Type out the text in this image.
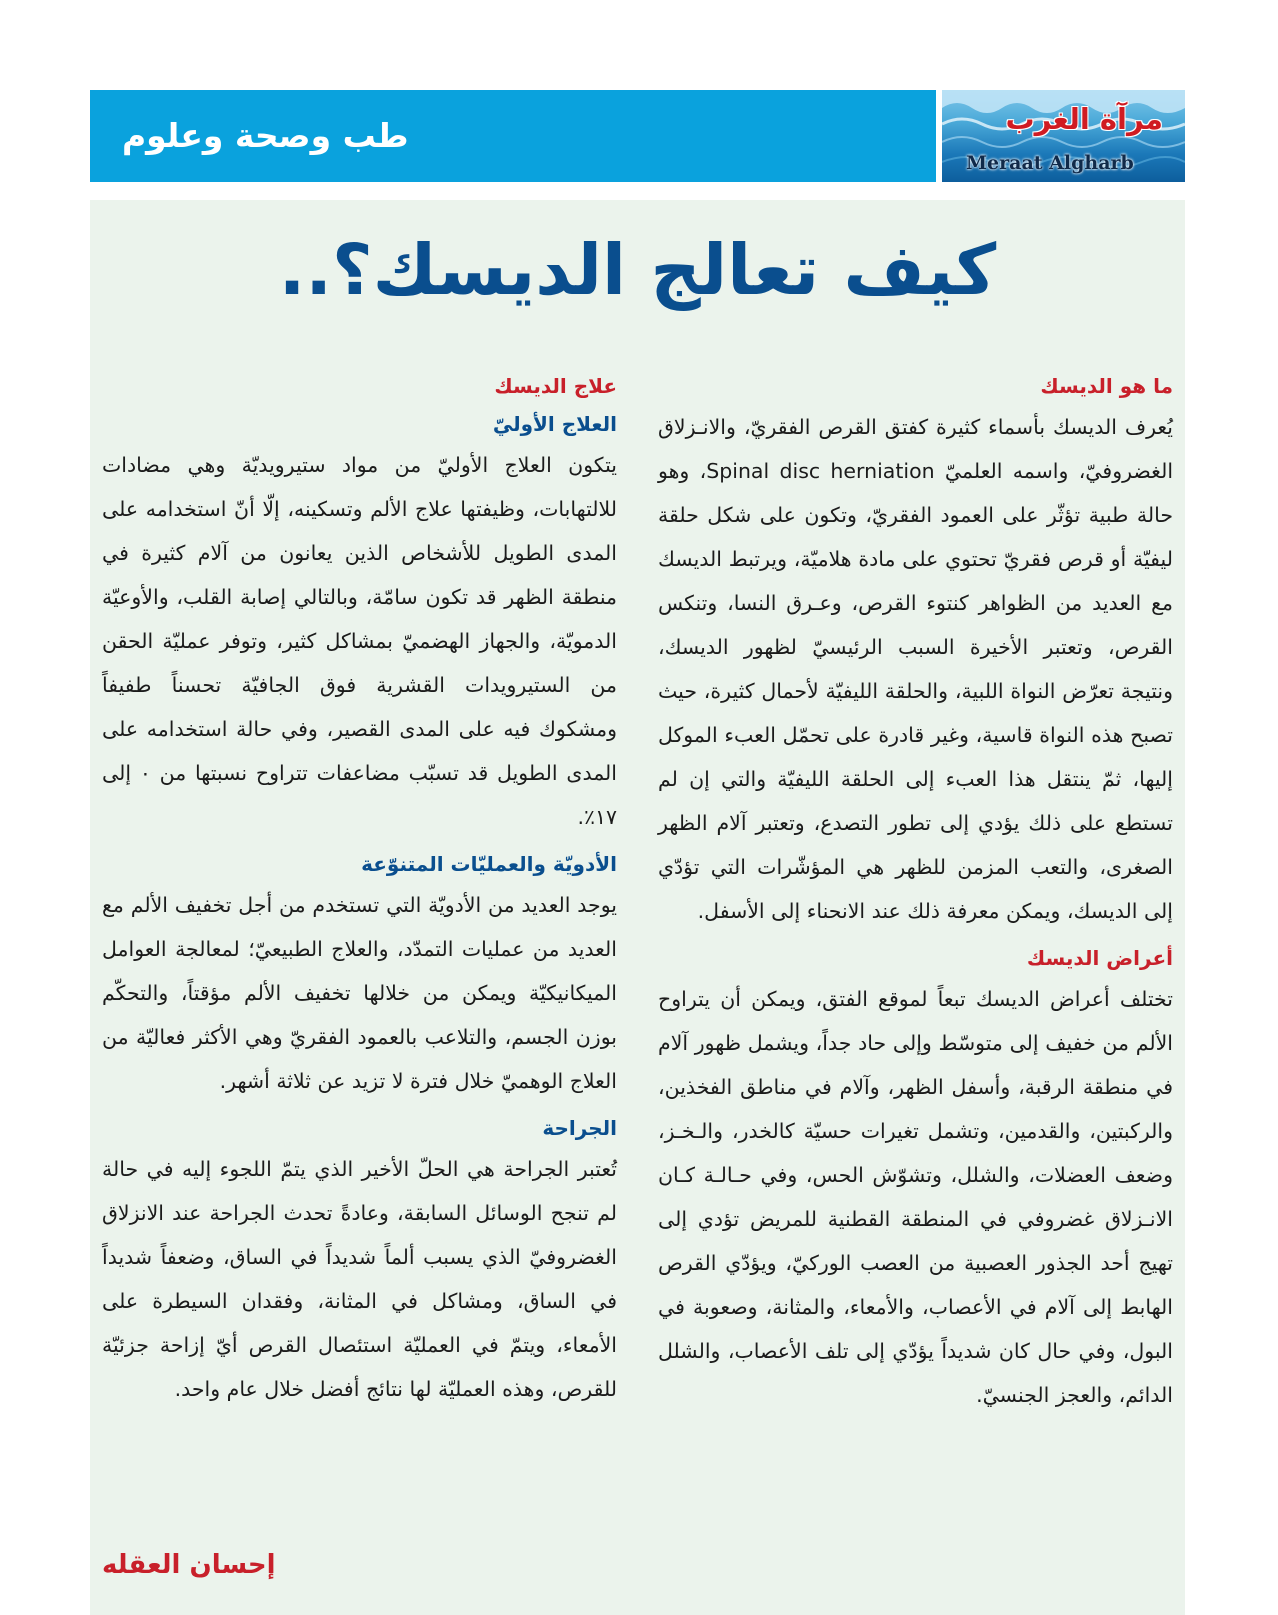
طب وصحة وعلوم	مرآة الغرب
Meraat Algharb
كيف تعالج الديسك؟..

ما هو الديسك

يُعرف الديسك بأسماء كثيرة كفتق القرص الفقريّ، والانـزلاق الغضروفيّ، واسمه العلميّ Spinal disc herniation، وهو حالة طبية تؤثّر على العمود الفقريّ، وتكون على شكل حلقة ليفيّة أو قرص فقريّ تحتوي على مادة هلاميّة، ويرتبط الديسك مع العديد من الظواهر كنتوء القرص، وعـرق النسا، وتنكس القرص، وتعتبر الأخيرة السبب الرئيسيّ لظهور الديسك، ونتيجة تعرّض النواة اللبية، والحلقة الليفيّة لأحمال كثيرة، حيث تصبح هذه النواة قاسية، وغير قادرة على تحمّل العبء الموكل إليها، ثمّ ينتقل هذا العبء إلى الحلقة الليفيّة والتي إن لم تستطع على ذلك يؤدي إلى تطور التصدع، وتعتبر آلام الظهر الصغرى، والتعب المزمن للظهر هي المؤشّرات التي تؤدّي إلى الديسك، ويمكن معرفة ذلك عند الانحناء إلى الأسفل.

أعراض الديسك

تختلف أعراض الديسك تبعاً لموقع الفتق، ويمكن أن يتراوح الألم من خفيف إلى متوسّط وإلى حاد جداً، ويشمل ظهور آلام في منطقة الرقبة، وأسفل الظهر، وآلام في مناطق الفخذين، والركبتين، والقدمين، وتشمل تغيرات حسيّة كالخدر، والـخـز، وضعف العضلات، والشلل، وتشوّش الحس، وفي حـالـة كـان الانـزلاق غضروفي في المنطقة القطنية للمريض تؤدي إلى تهيج أحد الجذور العصبية من العصب الوركيّ، ويؤدّي القرص الهابط إلى آلام في الأعصاب، والأمعاء، والمثانة، وصعوبة في البول، وفي حال كان شديداً يؤدّي إلى تلف الأعصاب، والشلل الدائم، والعجز الجنسيّ.

علاج الديسك

العلاج الأوليّ

يتكون العلاج الأوليّ من مواد ستيرويديّة وهي مضادات للالتهابات، وظيفتها علاج الألم وتسكينه، إلّا أنّ استخدامه على المدى الطويل للأشخاص الذين يعانون من آلام كثيرة في منطقة الظهر قد تكون سامّة، وبالتالي إصابة القلب، والأوعيّة الدمويّة، والجهاز الهضميّ بمشاكل كثير، وتوفر عمليّة الحقن من الستيرويدات القشرية فوق الجافيّة تحسناً طفيفاً ومشكوك فيه على المدى القصير، وفي حالة استخدامه على المدى الطويل قد تسبّب مضاعفات تتراوح نسبتها من ٠ إلى ١٧٪.

الأدويّة والعمليّات المتنوّعة

يوجد العديد من الأدويّة التي تستخدم من أجل تخفيف الألم مع العديد من عمليات التمدّد، والعلاج الطبيعيّ؛ لمعالجة العوامل الميكانيكيّة ويمكن من خلالها تخفيف الألم مؤقتاً، والتحكّم بوزن الجسم، والتلاعب بالعمود الفقريّ وهي الأكثر فعاليّة من العلاج الوهميّ خلال فترة لا تزيد عن ثلاثة أشهر.

الجراحة

تُعتبر الجراحة هي الحلّ الأخير الذي يتمّ اللجوء إليه في حالة لم تنجح الوسائل السابقة، وعادةً تحدث الجراحة عند الانزلاق الغضروفيّ الذي يسبب ألماً شديداً في الساق، وضعفاً شديداً في الساق، ومشاكل في المثانة، وفقدان السيطرة على الأمعاء، ويتمّ في العمليّة استئصال القرص أيّ إزاحة جزئيّة للقرص، وهذه العمليّة لها نتائج أفضل خلال عام واحد.

إحسان العقله
